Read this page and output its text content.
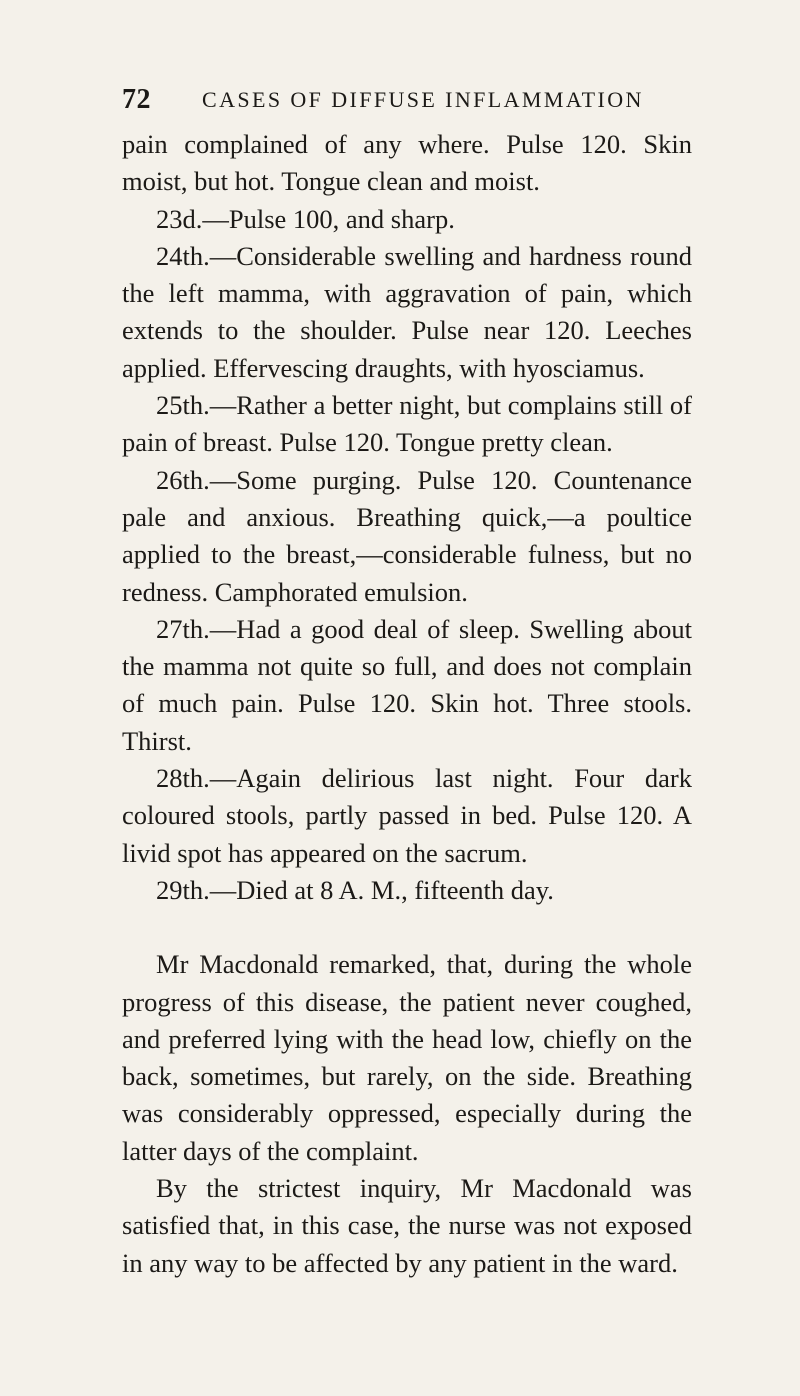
72 CASES OF DIFFUSE INFLAMMATION

pain complained of any where. Pulse 120. Skin moist, but hot. Tongue clean and moist.

23d.—Pulse 100, and sharp.

24th.—Considerable swelling and hardness round the left mamma, with aggravation of pain, which extends to the shoulder. Pulse near 120. Leeches applied. Effervescing draughts, with hyosciamus.

25th.—Rather a better night, but complains still of pain of breast. Pulse 120. Tongue pretty clean.

26th.—Some purging. Pulse 120. Countenance pale and anxious. Breathing quick,—a poultice applied to the breast,—considerable fulness, but no redness. Camphorated emulsion.

27th.—Had a good deal of sleep. Swelling about the mamma not quite so full, and does not complain of much pain. Pulse 120. Skin hot. Three stools. Thirst.

28th.—Again delirious last night. Four dark coloured stools, partly passed in bed. Pulse 120. A livid spot has appeared on the sacrum.

29th.—Died at 8 A. M., fifteenth day.

Mr Macdonald remarked, that, during the whole progress of this disease, the patient never coughed, and preferred lying with the head low, chiefly on the back, sometimes, but rarely, on the side. Breathing was considerably oppressed, especially during the latter days of the complaint.

By the strictest inquiry, Mr Macdonald was satisfied that, in this case, the nurse was not exposed in any way to be affected by any patient in the ward.
